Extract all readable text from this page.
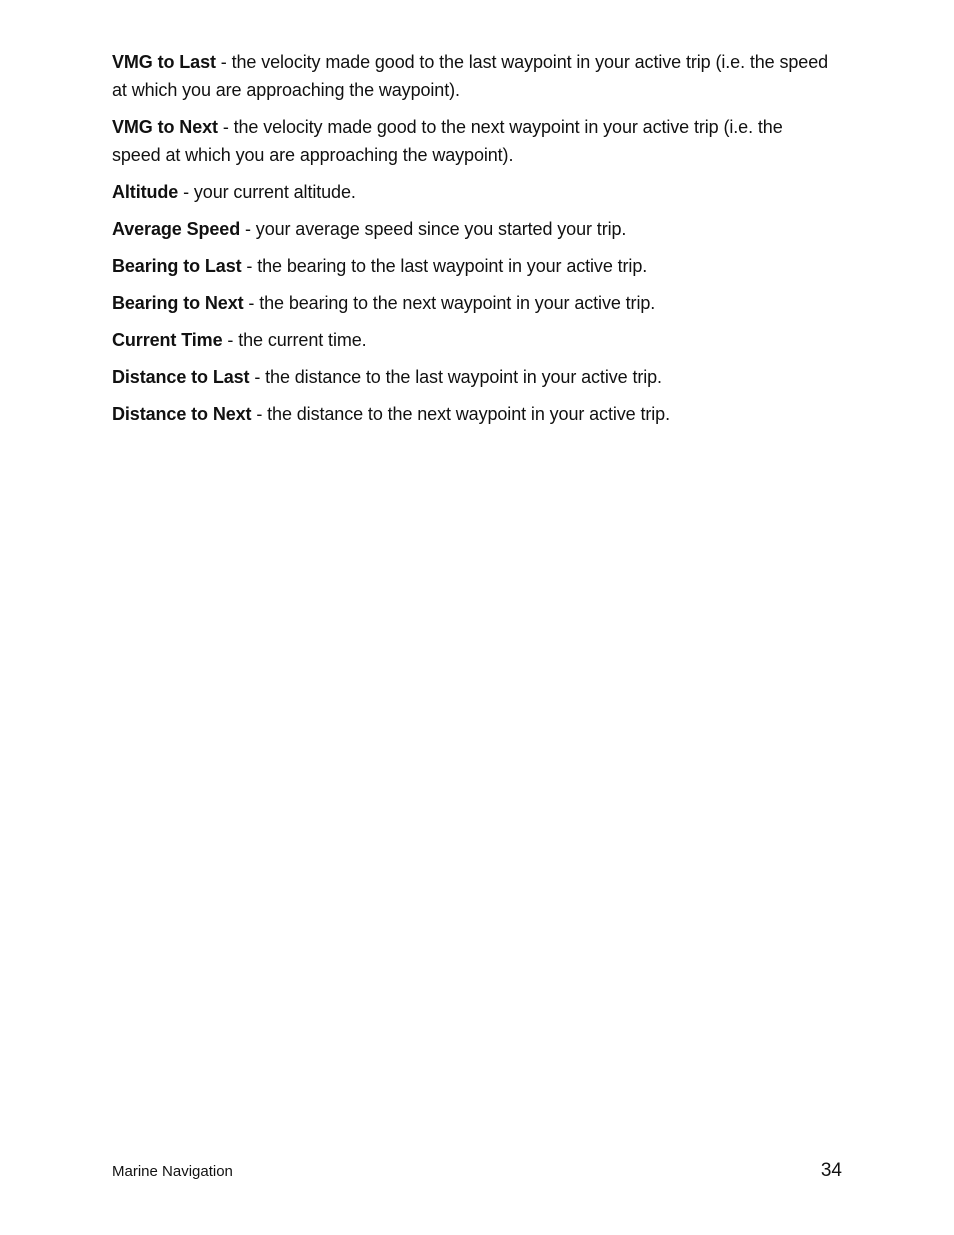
VMG to Last - the velocity made good to the last waypoint in your active trip (i.e. the speed at which you are approaching the waypoint).

VMG to Next - the velocity made good to the next waypoint in your active trip (i.e. the speed at which you are approaching the waypoint).

Altitude - your current altitude.

Average Speed - your average speed since you started your trip.

Bearing to Last - the bearing to the last waypoint in your active trip.

Bearing to Next - the bearing to the next waypoint in your active trip.

Current Time - the current time.

Distance to Last - the distance to the last waypoint in your active trip.

Distance to Next - the distance to the next waypoint in your active trip.

Marine Navigation	34
